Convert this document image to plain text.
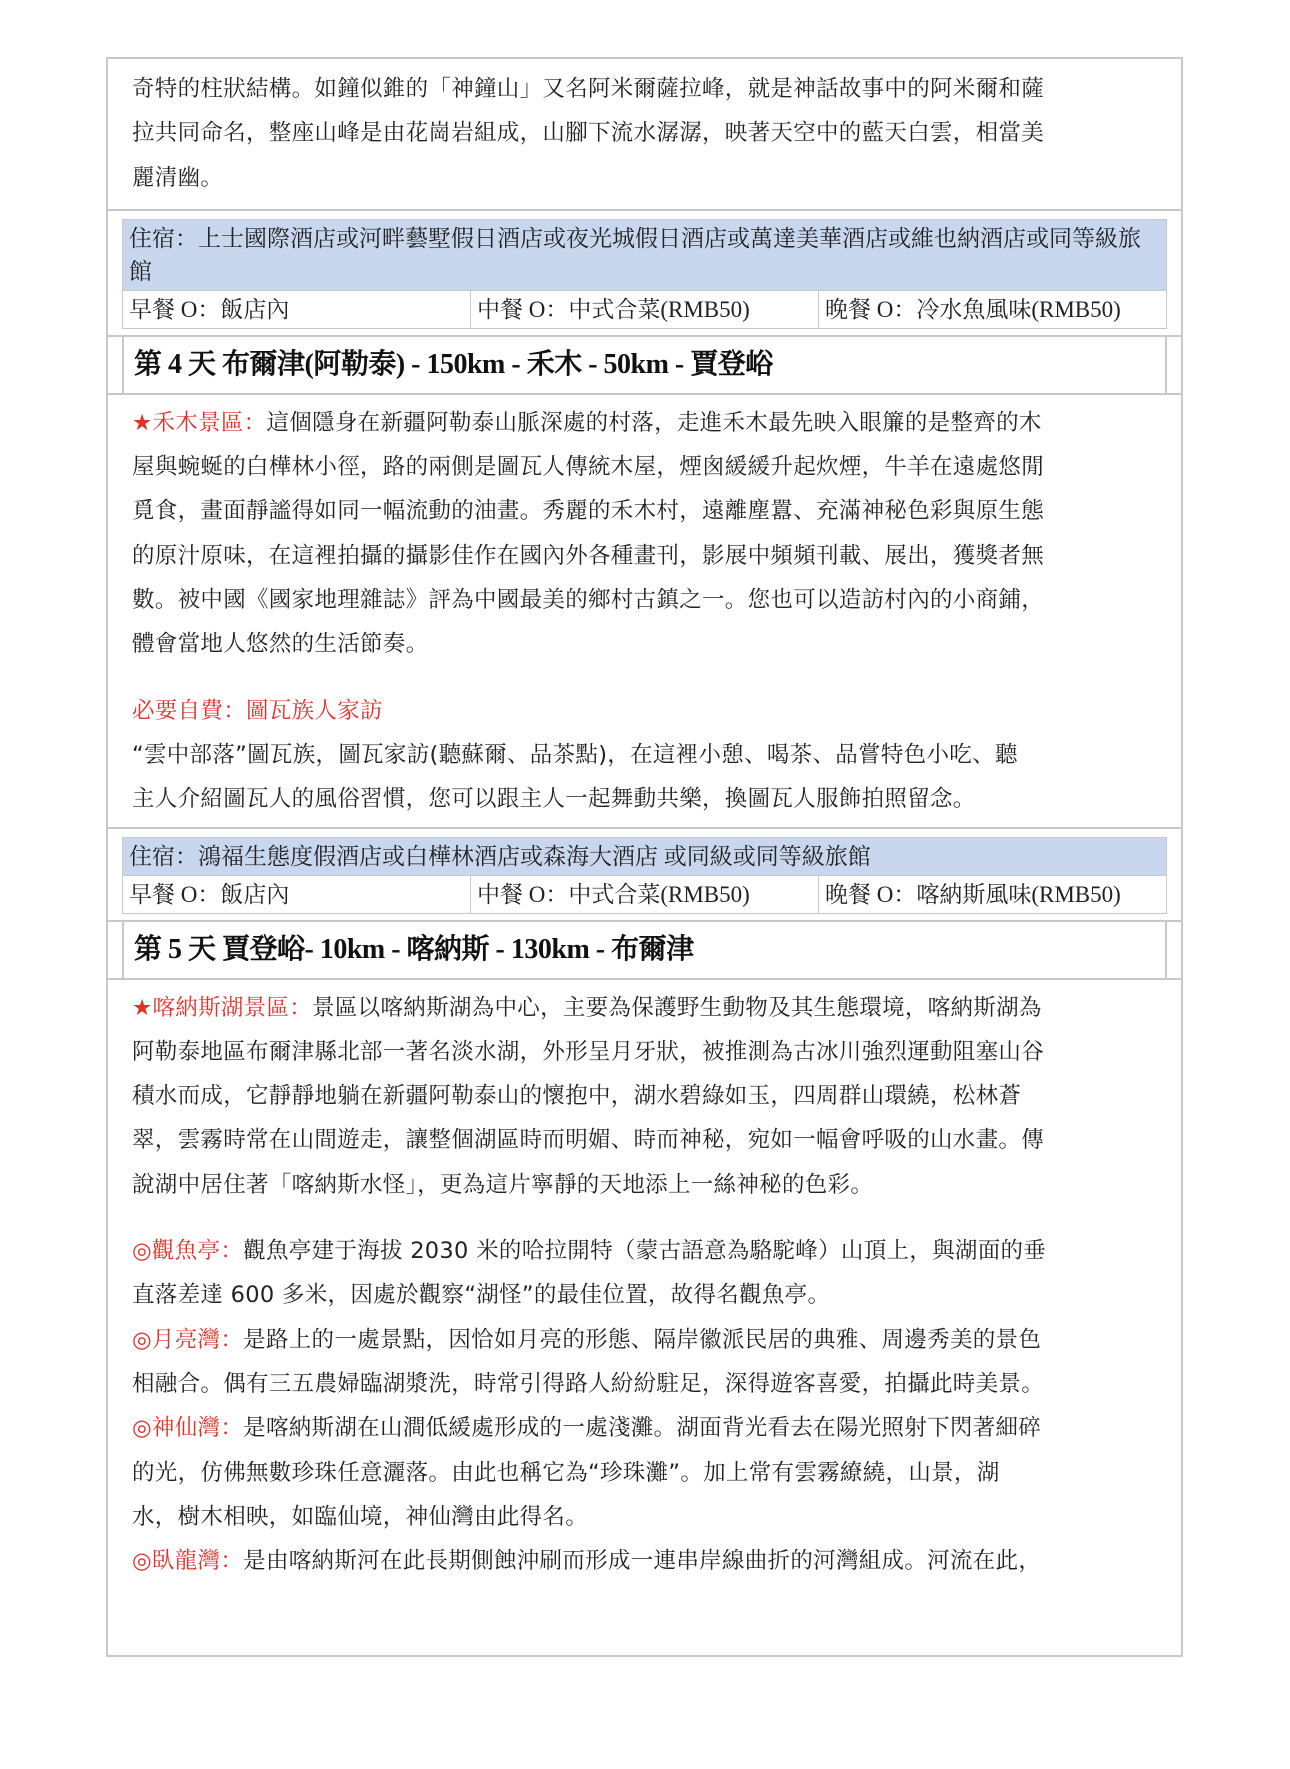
奇特的柱狀結構。如鐘似錐的「神鐘山」又名阿米爾薩拉峰，就是神話故事中的阿米爾和薩

拉共同命名，整座山峰是由花崗岩組成，山腳下流水潺潺，映著天空中的藍天白雲，相當美

麗清幽。

住宿：上士國際酒店或河畔藝墅假日酒店或夜光城假日酒店或萬達美華酒店或維也納酒店或同等級旅館
早餐 O：飯店內	中餐 O：中式合菜(RMB50)	晚餐 O：冷水魚風味(RMB50)
第 4 天 布爾津(阿勒泰) - 150km - 禾木 - 50km - 賈登峪

★禾木景區：這個隱身在新疆阿勒泰山脈深處的村落，走進禾木最先映入眼簾的是整齊的木

屋與蜿蜒的白樺林小徑，路的兩側是圖瓦人傳統木屋，煙囪緩緩升起炊煙，牛羊在遠處悠閒

覓食，畫面靜謐得如同一幅流動的油畫。秀麗的禾木村，遠離塵囂、充滿神秘色彩與原生態

的原汁原味，在這裡拍攝的攝影佳作在國內外各種畫刊，影展中頻頻刊載、展出，獲獎者無

數。被中國《國家地理雜誌》評為中國最美的鄉村古鎮之一。您也可以造訪村內的小商鋪，

體會當地人悠然的生活節奏。

必要自費：圖瓦族人家訪

“雲中部落”圖瓦族，圖瓦家訪(聽蘇爾、品茶點)，在這裡小憩、喝茶、品嘗特色小吃、聽

主人介紹圖瓦人的風俗習慣，您可以跟主人一起舞動共樂，換圖瓦人服飾拍照留念。

住宿：鴻福生態度假酒店或白樺林酒店或森海大酒店 或同級或同等級旅館
早餐 O：飯店內	中餐 O：中式合菜(RMB50)	晚餐 O：喀納斯風味(RMB50)
第 5 天 賈登峪- 10km - 喀納斯 - 130km - 布爾津

★喀納斯湖景區：景區以喀納斯湖為中心，主要為保護野生動物及其生態環境，喀納斯湖為

阿勒泰地區布爾津縣北部一著名淡水湖，外形呈月牙狀，被推測為古冰川強烈運動阻塞山谷

積水而成，它靜靜地躺在新疆阿勒泰山的懷抱中，湖水碧綠如玉，四周群山環繞，松林蒼

翠，雲霧時常在山間遊走，讓整個湖區時而明媚、時而神秘，宛如一幅會呼吸的山水畫。傳

說湖中居住著「喀納斯水怪」，更為這片寧靜的天地添上一絲神秘的色彩。

◎觀魚亭：觀魚亭建于海拔 2030 米的哈拉開特（蒙古語意為駱駝峰）山頂上，與湖面的垂

直落差達 600 多米，因處於觀察“湖怪”的最佳位置，故得名觀魚亭。

◎月亮灣：是路上的一處景點，因恰如月亮的形態、隔岸徽派民居的典雅、周邊秀美的景色

相融合。偶有三五農婦臨湖漿洗，時常引得路人紛紛駐足，深得遊客喜愛，拍攝此時美景。

◎神仙灣：是喀納斯湖在山澗低緩處形成的一處淺灘。湖面背光看去在陽光照射下閃著細碎

的光，仿佛無數珍珠任意灑落。由此也稱它為“珍珠灘”。加上常有雲霧繚繞，山景，湖

水，樹木相映，如臨仙境，神仙灣由此得名。

◎臥龍灣：是由喀納斯河在此長期側蝕沖刷而形成一連串岸線曲折的河灣組成。河流在此，
